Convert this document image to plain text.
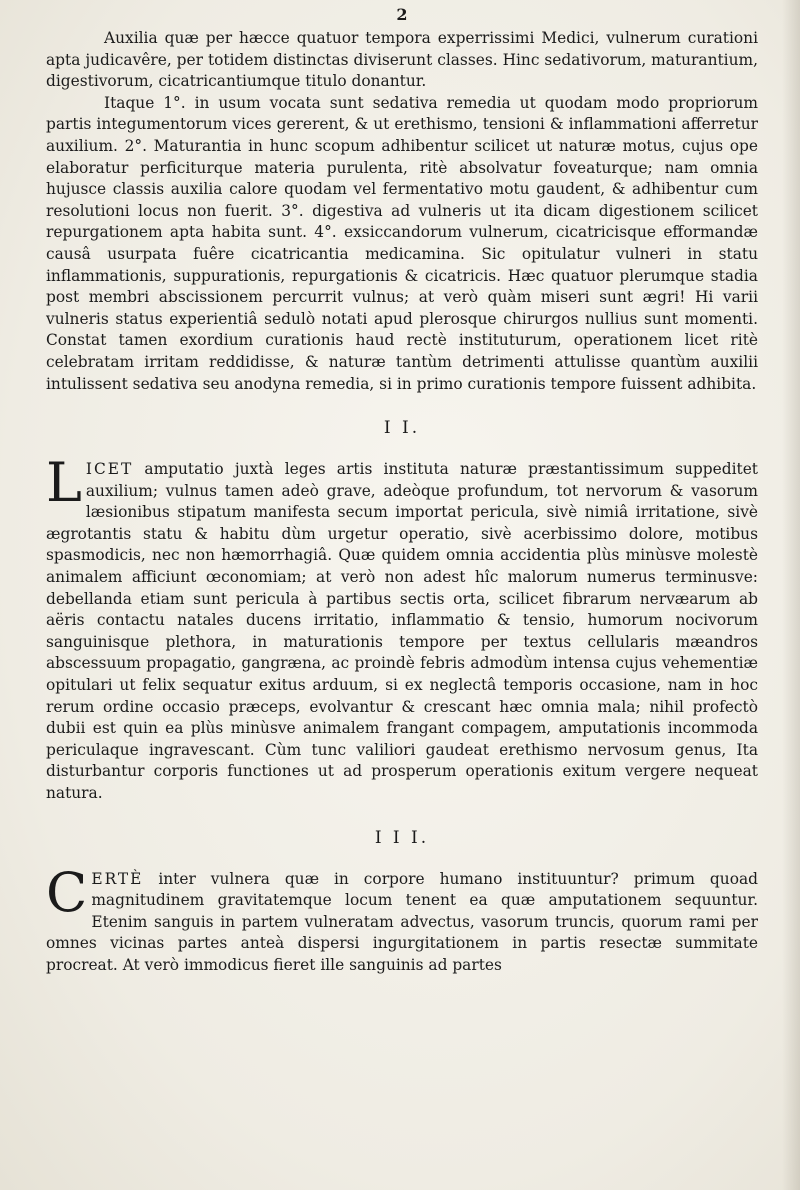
2

Auxilia quæ per hæcce quatuor tempora experrissimi Medici, vulnerum curationi apta judicavêre, per totidem distinctas diviserunt classes. Hinc sedativorum, maturantium, digestivorum, cicatricantiumque titulo donantur.

Itaque 1°. in usum vocata sunt sedativa remedia ut quodam modo propriorum partis integumentorum vices gererent, & ut erethismo, tensioni & inflammationi afferretur auxilium. 2°. Maturantia in hunc scopum adhibentur scilicet ut naturæ motus, cujus ope elaboratur perficiturque materia purulenta, ritè absolvatur foveaturque; nam omnia hujusce classis auxilia calore quodam vel fermentativo motu gaudent, & adhibentur cum resolutioni locus non fuerit. 3°. digestiva ad vulneris ut ita dicam digestionem scilicet repurgationem apta habita sunt. 4°. exsiccandorum vulnerum, cicatricisque efformandæ causâ usurpata fuêre cicatricantia medicamina. Sic opitulatur vulneri in statu inflammationis, suppurationis, repurgationis & cicatricis. Hæc quatuor plerumque stadia post membri abscissionem percurrit vulnus; at verò quàm miseri sunt ægri! Hi varii vulneris status experientiâ sedulò notati apud plerosque chirurgos nullius sunt momenti. Constat tamen exordium curationis haud rectè instituturum, operationem licet ritè celebratam irritam reddidisse, & naturæ tantùm detrimenti attulisse quantùm auxilii intulissent sedativa seu anodyna remedia, si in primo curationis tempore fuissent adhibita.

I I.

LICET amputatio juxtà leges artis instituta naturæ præstantissimum suppeditet auxilium; vulnus tamen adeò grave, adeòque profundum, tot nervorum & vasorum læsionibus stipatum manifesta secum importat pericula, sivè nimiâ irritatione, sivè ægrotantis statu & habitu dùm urgetur operatio, sivè acerbissimo dolore, motibus spasmodicis, nec non hæmorrhagiâ. Quæ quidem omnia accidentia plùs minùsve molestè animalem afficiunt œconomiam; at verò non adest hîc malorum numerus terminusve: debellanda etiam sunt pericula à partibus sectis orta, scilicet fibrarum nervæarum ab aëris contactu natales ducens irritatio, inflammatio & tensio, humorum nocivorum sanguinisque plethora, in maturationis tempore per textus cellularis mæandros abscessuum propagatio, gangræna, ac proindè febris admodùm intensa cujus vehementiæ opitulari ut felix sequatur exitus arduum, si ex neglectâ temporis occasione, nam in hoc rerum ordine occasio præceps, evolvantur & crescant hæc omnia mala; nihil profectò dubii est quin ea plùs minùsve animalem frangant compagem, amputationis incommoda periculaque ingravescant. Cùm tunc valiliori gaudeat erethismo nervosum genus, Ita disturbantur corporis functiones ut ad prosperum operationis exitum vergere nequeat natura.

I I I.

CERTÈ inter vulnera quæ in corpore humano instituuntur? primum quoad magnitudinem gravitatemque locum tenent ea quæ amputationem sequuntur. Etenim sanguis in partem vulneratam advectus, vasorum truncis, quorum rami per omnes vicinas partes anteà dispersi ingurgitationem in partis resectæ summitate procreat. At verò immodicus fieret ille sanguinis ad partes
